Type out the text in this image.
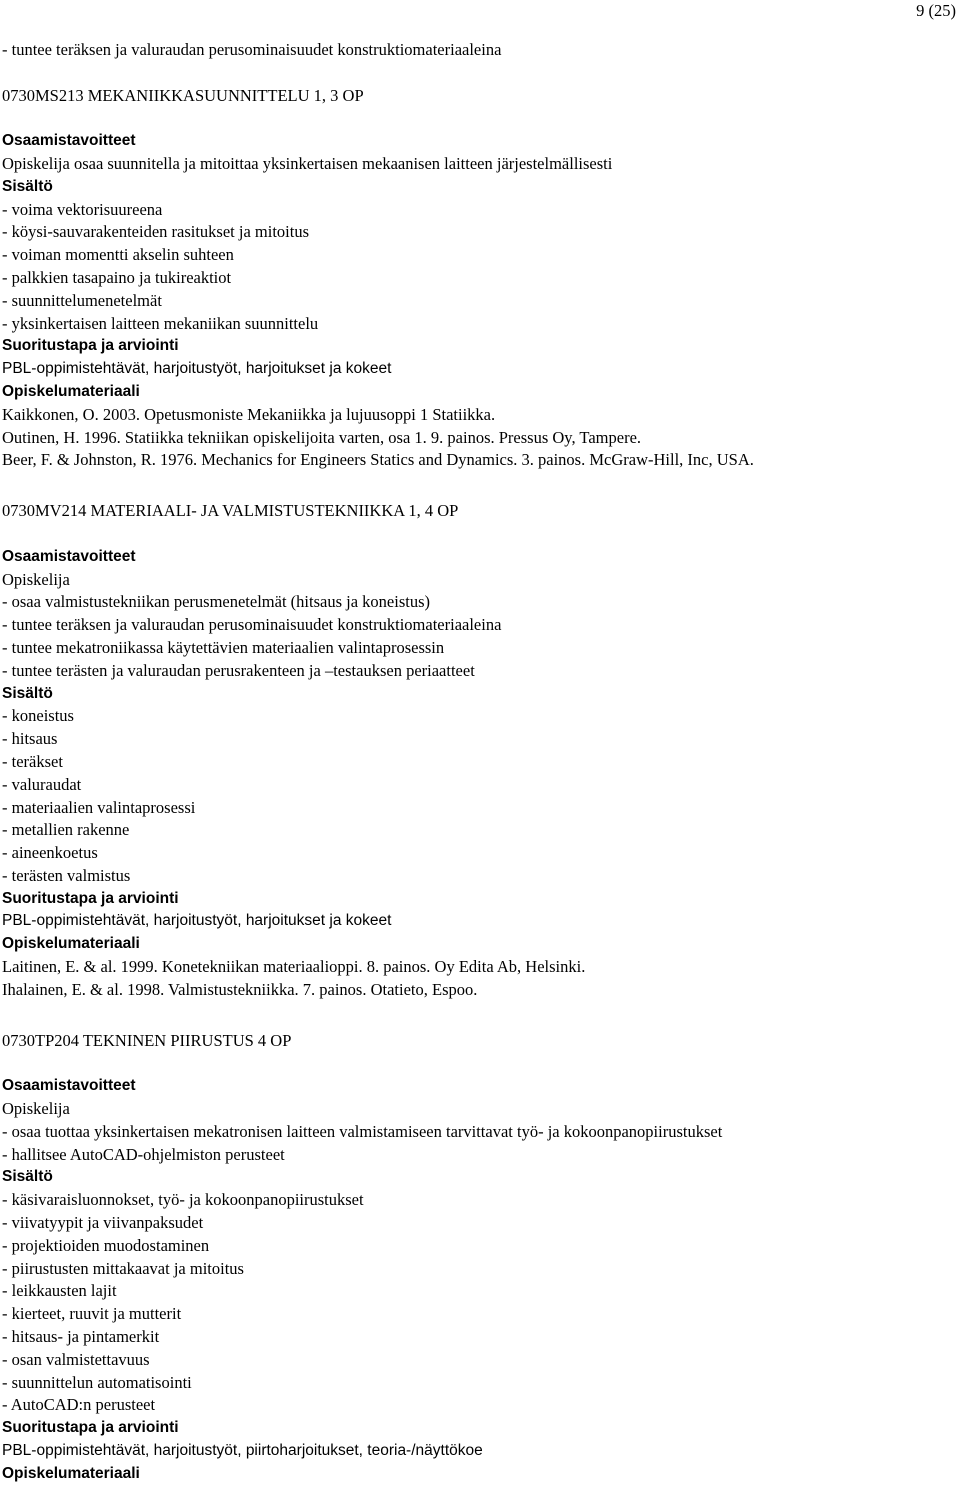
9 (25)
- tuntee teräksen ja valuraudan perusominaisuudet konstruktiomateriaaleina
0730MS213 MEKANIIKKASUUNNITTELU 1, 3 OP
Osaamistavoitteet
Opiskelija osaa suunnitella ja mitoittaa yksinkertaisen mekaanisen laitteen järjestelmällisesti
Sisältö
- voima vektorisuureena
- köysi-sauvarakenteiden rasitukset ja mitoitus
- voiman momentti akselin suhteen
- palkkien tasapaino ja tukireaktiot
- suunnittelumenetelmät
- yksinkertaisen laitteen mekaniikan suunnittelu
Suoritustapa ja arviointi
PBL-oppimistehtävät, harjoitustyöt, harjoitukset ja kokeet
Opiskelumateriaali
Kaikkonen, O. 2003. Opetusmoniste Mekaniikka ja lujuusoppi 1 Statiikka.
Outinen, H. 1996. Statiikka tekniikan opiskelijoita varten, osa 1. 9. painos. Pressus Oy, Tampere.
Beer, F. & Johnston, R. 1976. Mechanics for Engineers Statics and Dynamics. 3. painos. McGraw-Hill, Inc, USA.
0730MV214 MATERIAALI- JA VALMISTUSTEKNIIKKA 1, 4 OP
Osaamistavoitteet
Opiskelija
- osaa valmistustekniikan perusmenetelmät (hitsaus ja koneistus)
- tuntee teräksen ja valuraudan perusominaisuudet konstruktiomateriaaleina
- tuntee mekatroniikassa käytettävien materiaalien valintaprosessin
- tuntee terästen ja valuraudan perusrakenteen ja –testauksen periaatteet
Sisältö
- koneistus
- hitsaus
- teräkset
- valuraudat
- materiaalien valintaprosessi
- metallien rakenne
- aineenkoetus
- terästen valmistus
Suoritustapa ja arviointi
PBL-oppimistehtävät, harjoitustyöt, harjoitukset ja kokeet
Opiskelumateriaali
Laitinen, E. & al. 1999. Konetekniikan materiaalioppi. 8. painos. Oy Edita Ab, Helsinki.
Ihalainen, E. & al. 1998. Valmistustekniikka. 7. painos. Otatieto, Espoo.
0730TP204 TEKNINEN PIIRUSTUS 4 OP
Osaamistavoitteet
Opiskelija
- osaa tuottaa yksinkertaisen mekatronisen laitteen valmistamiseen tarvittavat työ- ja kokoonpanopiirustukset
- hallitsee AutoCAD-ohjelmiston perusteet
Sisältö
- käsivaraisluonnokset, työ- ja kokoonpanopiirustukset
- viivatyypit ja viivanpaksudet
- projektioiden muodostaminen
- piirustusten mittakaavat ja mitoitus
- leikkausten lajit
- kierteet, ruuvit ja mutterit
- hitsaus- ja pintamerkit
- osan valmistettavuus
- suunnittelun automatisointi
- AutoCAD:n perusteet
Suoritustapa ja arviointi
PBL-oppimistehtävät, harjoitustyöt, piirtoharjoitukset, teoria-/näyttökoe
Opiskelumateriaali
